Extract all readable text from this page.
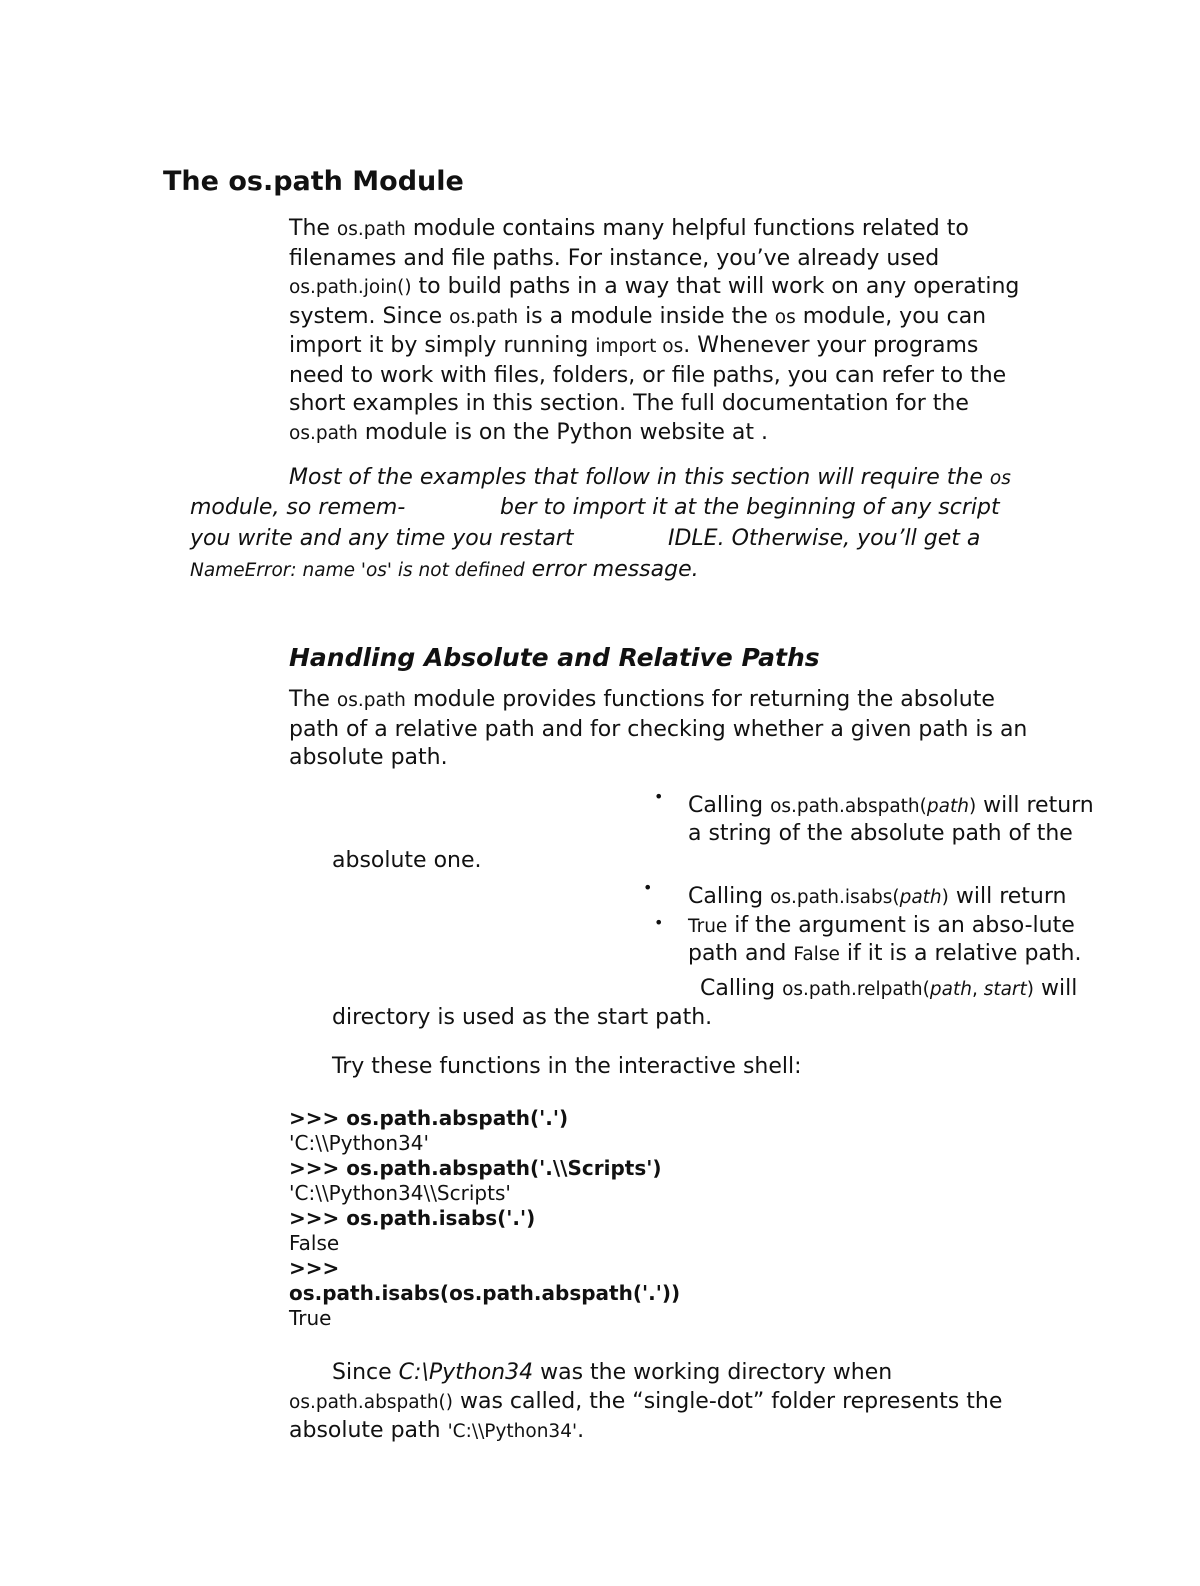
The os.path Module
The os.path module contains many helpful functions related to
filenames and file paths. For instance, you’ve already used
os.path.join() to build paths in a way that will work on any operating
system. Since os.path is a module inside the os module, you can
import it by simply running import os. Whenever your programs
need to work with files, folders, or file paths, you can refer to the
short examples in this section. The full documentation for the
os.path module is on the Python website at .
Most of the examples that follow in this section will require the os
module, so remem-	ber to import it at the beginning of any script
you write and any time you restart	IDLE. Otherwise, you’ll get a
NameError: name 'os' is not defined error message.
Handling Absolute and Relative Paths
The os.path module provides functions for returning the absolute
path of a relative path and for checking whether a given path is an
absolute path.
•
•
•
Calling os.path.abspath(path) will return
a string of the absolute path of the
absolute one.
Calling os.path.isabs(path) will return
True if the argument is an abso-lute
path and False if it is a relative path.
Calling os.path.relpath(path, start) will
directory is used as the start path.
Try these functions in the interactive shell:
>>> os.path.abspath('.')
'C:\\Python34'
>>> os.path.abspath('.\\Scripts')
'C:\\Python34\\Scripts'
>>> os.path.isabs('.')
False
>>>
os.path.isabs(os.path.abspath('.'))
True
Since C:\Python34 was the working directory when
os.path.abspath() was called, the “single-dot” folder represents the
absolute path 'C:\\Python34'.
